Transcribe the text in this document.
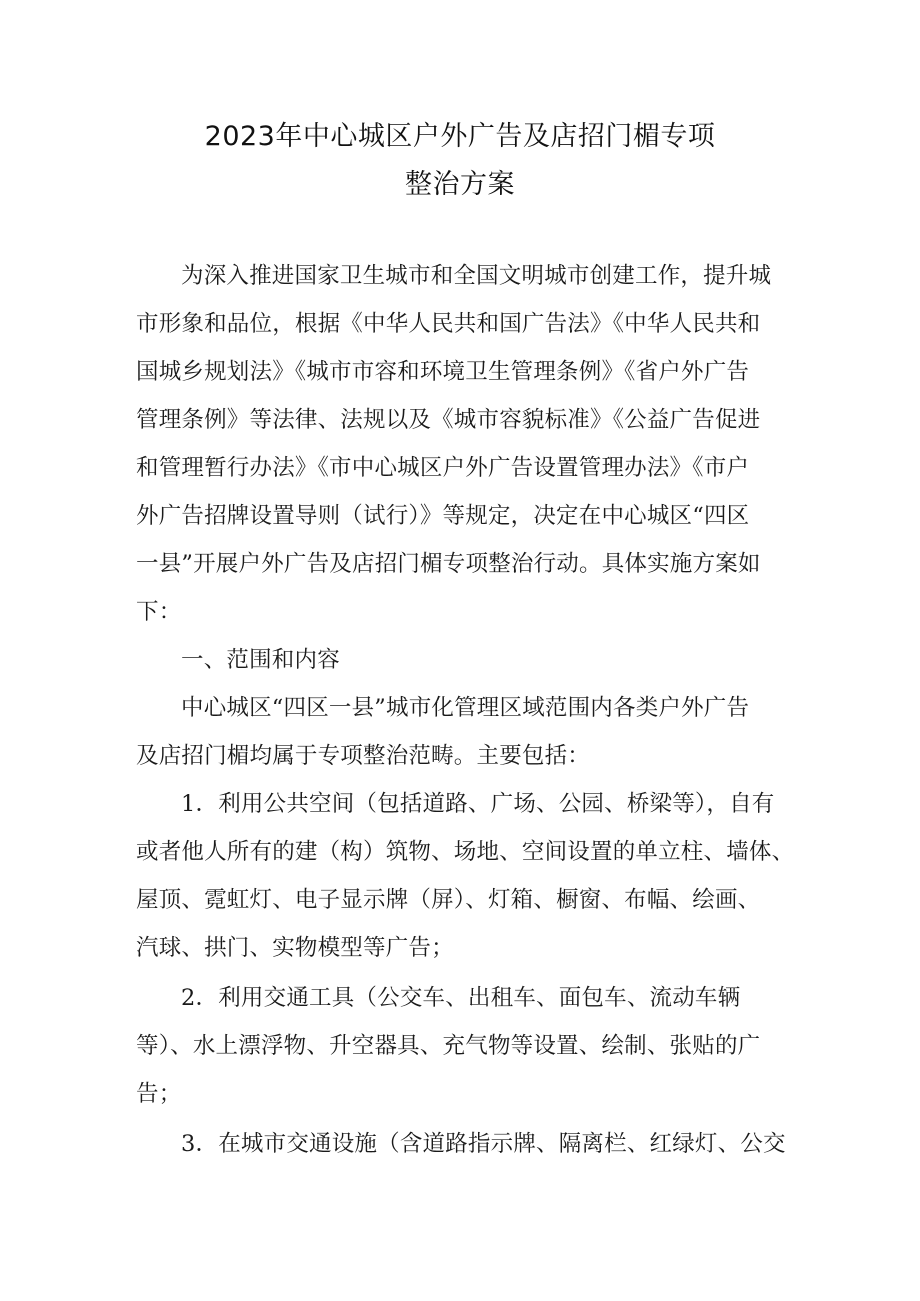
2023年中心城区户外广告及店招门楣专项
整治方案
为深入推进国家卫生城市和全国文明城市创建工作，提升城
市形象和品位，根据《中华人民共和国广告法》《中华人民共和
国城乡规划法》《城市市容和环境卫生管理条例》《省户外广告
管理条例》等法律、法规以及《城市容貌标准》《公益广告促进
和管理暂行办法》《市中心城区户外广告设置管理办法》《市户
外广告招牌设置导则（试行）》等规定，决定在中心城区“四区
一县”开展户外广告及店招门楣专项整治行动。具体实施方案如
下：
一、范围和内容
中心城区“四区一县”城市化管理区域范围内各类户外广告
及店招门楣均属于专项整治范畴。主要包括：
1．利用公共空间（包括道路、广场、公园、桥梁等），自有
或者他人所有的建（构）筑物、场地、空间设置的单立柱、墙体、
屋顶、霓虹灯、电子显示牌（屏）、灯箱、橱窗、布幅、绘画、
汽球、拱门、实物模型等广告；
2．利用交通工具（公交车、出租车、面包车、流动车辆
等）、水上漂浮物、升空器具、充气物等设置、绘制、张贴的广
告；
3．在城市交通设施（含道路指示牌、隔离栏、红绿灯、公交
